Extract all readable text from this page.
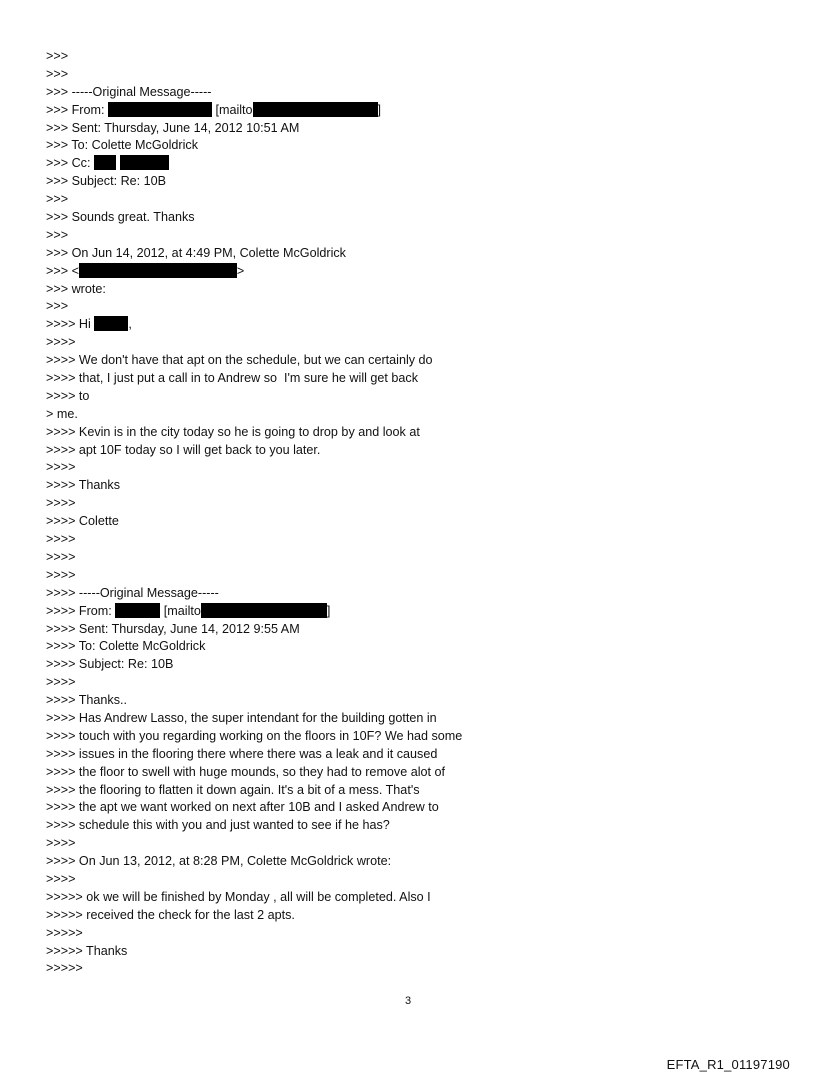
>>>
>>>
>>> -----Original Message-----
>>> From:	[mailto	]
>>> Sent: Thursday, June 14, 2012 10:51 AM
>>> To: Colette McGoldrick
>>> Cc:
>>> Subject: Re: 10B
>>>
>>> Sounds great. Thanks
>>>
>>> On Jun 14, 2012, at 4:49 PM, Colette McGoldrick
>>> <	>
>>> wrote:
>>>
>>>> Hi	,
>>>>
>>>> We don't have that apt on the schedule, but we can certainly do
>>>> that, I just put a call in to Andrew so  I'm sure he will get back
>>>> to
> me.
>>>> Kevin is in the city today so he is going to drop by and look at
>>>> apt 10F today so I will get back to you later.
>>>>
>>>> Thanks
>>>>
>>>> Colette
>>>>
>>>>
>>>>
>>>> -----Original Message-----
>>>> From:	[mailto	]
>>>> Sent: Thursday, June 14, 2012 9:55 AM
>>>> To: Colette McGoldrick
>>>> Subject: Re: 10B
>>>>
>>>> Thanks..
>>>> Has Andrew Lasso, the super intendant for the building gotten in
>>>> touch with you regarding working on the floors in 10F? We had some
>>>> issues in the flooring there where there was a leak and it caused
>>>> the floor to swell with huge mounds, so they had to remove alot of
>>>> the flooring to flatten it down again. It's a bit of a mess. That's
>>>> the apt we want worked on next after 10B and I asked Andrew to
>>>> schedule this with you and just wanted to see if he has?
>>>>
>>>> On Jun 13, 2012, at 8:28 PM, Colette McGoldrick wrote:
>>>>
>>>>> ok we will be finished by Monday , all will be completed. Also I
>>>>> received the check for the last 2 apts.
>>>>>
>>>>> Thanks
>>>>>
3
EFTA_R1_01197190
